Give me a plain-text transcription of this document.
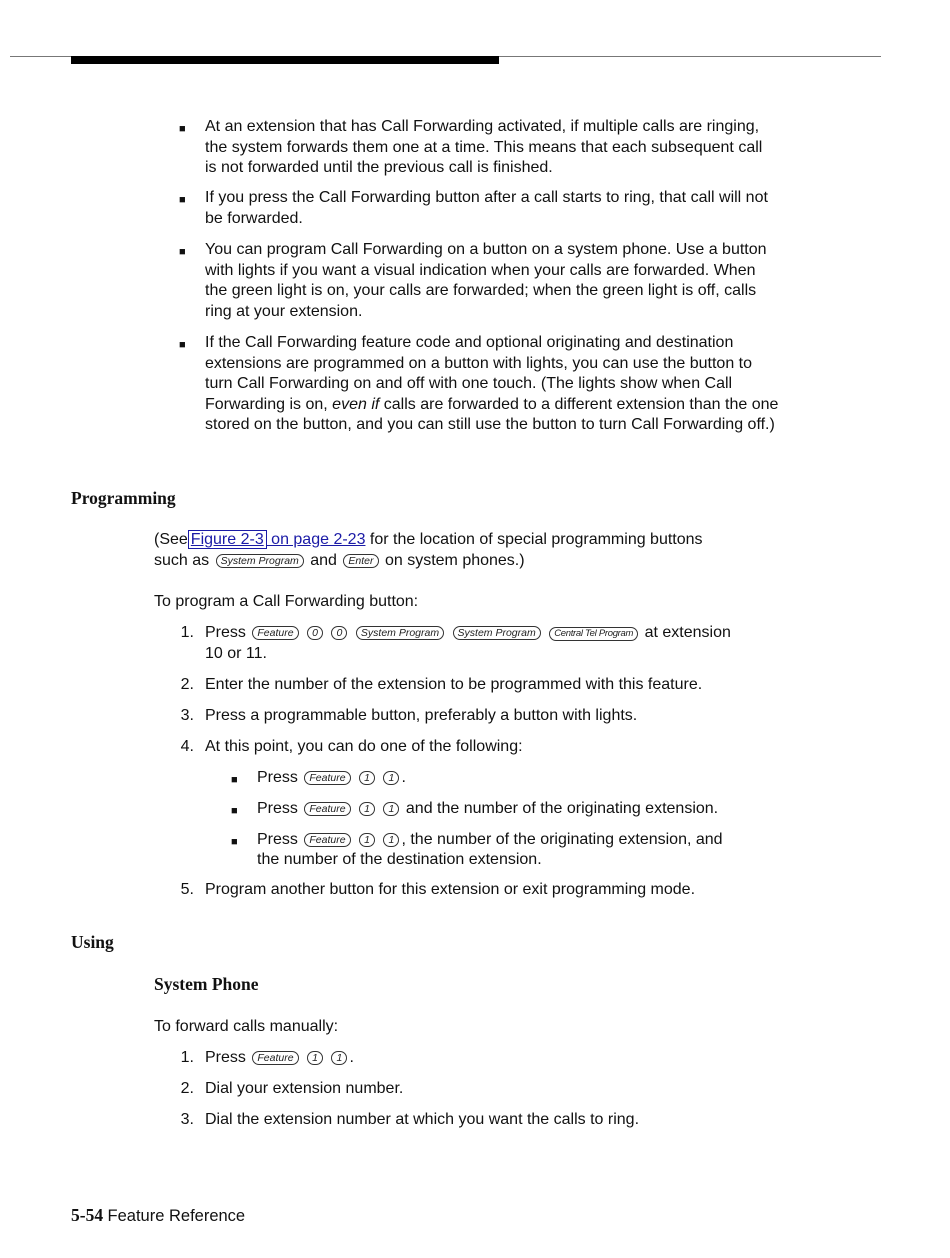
■ At an extension that has Call Forwarding activated, if multiple calls are ringing, the system forwards them one at a time. This means that each subsequent call is not forwarded until the previous call is finished.
■ If you press the Call Forwarding button after a call starts to ring, that call will not be forwarded.
■ You can program Call Forwarding on a button on a system phone. Use a button with lights if you want a visual indication when your calls are forwarded. When the green light is on, your calls are forwarded; when the green light is off, calls ring at your extension.
■ If the Call Forwarding feature code and optional originating and destination extensions are programmed on a button with lights, you can use the button to turn Call Forwarding on and off with one touch. (The lights show when Call Forwarding is on, even if calls are forwarded to a different extension than the one stored on the button, and you can still use the button to turn Call Forwarding off.)
Programming
(See Figure 2-3 on page 2-23 for the location of special programming buttons
such as System Program and Enter on system phones.)
To program a Call Forwarding button:
1. Press Feature 0 0 System Program System Program Central Tel Program at extension
10 or 11.
2. Enter the number of the extension to be programmed with this feature.
3. Press a programmable button, preferably a button with lights.
4. At this point, you can do one of the following:
■ Press Feature 1 1 .
■ Press Feature 1 1 and the number of the originating extension.
■ Press Feature 1 1 , the number of the originating extension, and
the number of the destination extension.
5. Program another button for this extension or exit programming mode.
Using
System Phone
To forward calls manually:
1. Press Feature 1 1 .
2. Dial your extension number.
3. Dial the extension number at which you want the calls to ring.
5-54 Feature Reference
